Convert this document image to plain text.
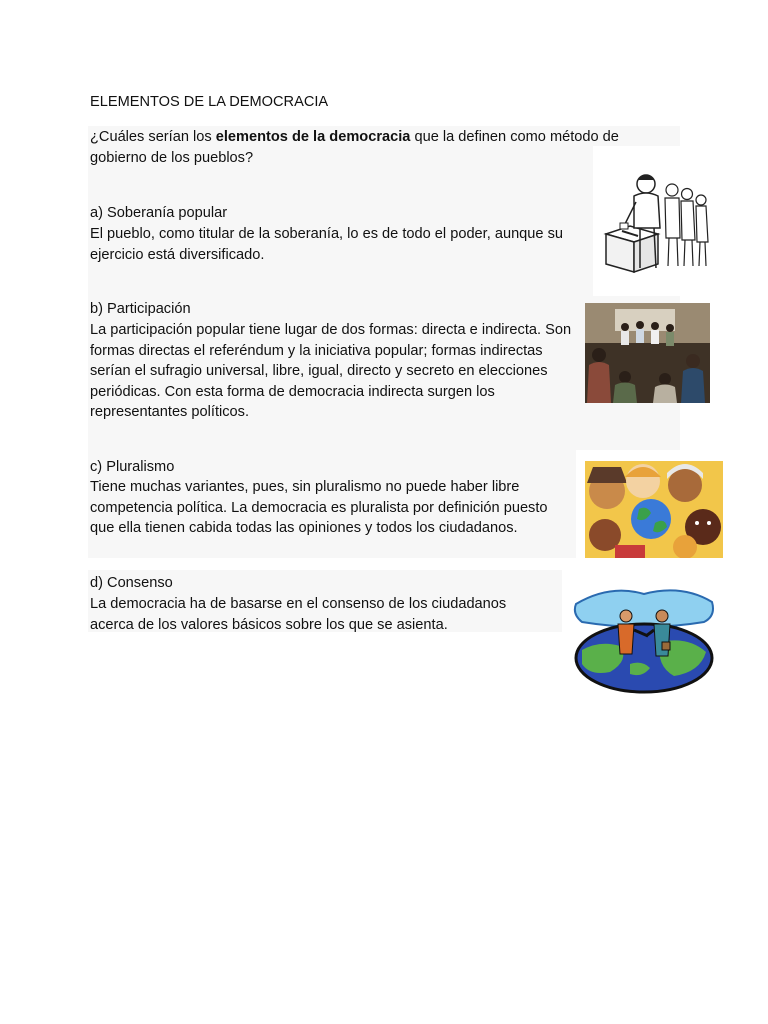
ELEMENTOS DE LA DEMOCRACIA
¿Cuáles serían los elementos de la democracia que la definen como método de gobierno de los pueblos?
a) Soberanía popular
El pueblo, como titular de la soberanía, lo es de todo el poder, aunque su ejercicio está diversificado.
b) Participación
La participación popular tiene lugar de dos formas: directa e indirecta. Son formas directas el referéndum y la iniciativa popular; formas indirectas serían el sufragio universal, libre, igual, directo y secreto en elecciones periódicas. Con esta forma de democracia indirecta surgen los representantes políticos.
c) Pluralismo
Tiene muchas variantes, pues, sin pluralismo no puede haber libre competencia política. La democracia es pluralista por definición puesto que ella tienen cabida todas las opiniones y todos los ciudadanos.
d) Consenso
La democracia ha de basarse en el consenso de los ciudadanos acerca de los valores básicos sobre los que se asienta.
